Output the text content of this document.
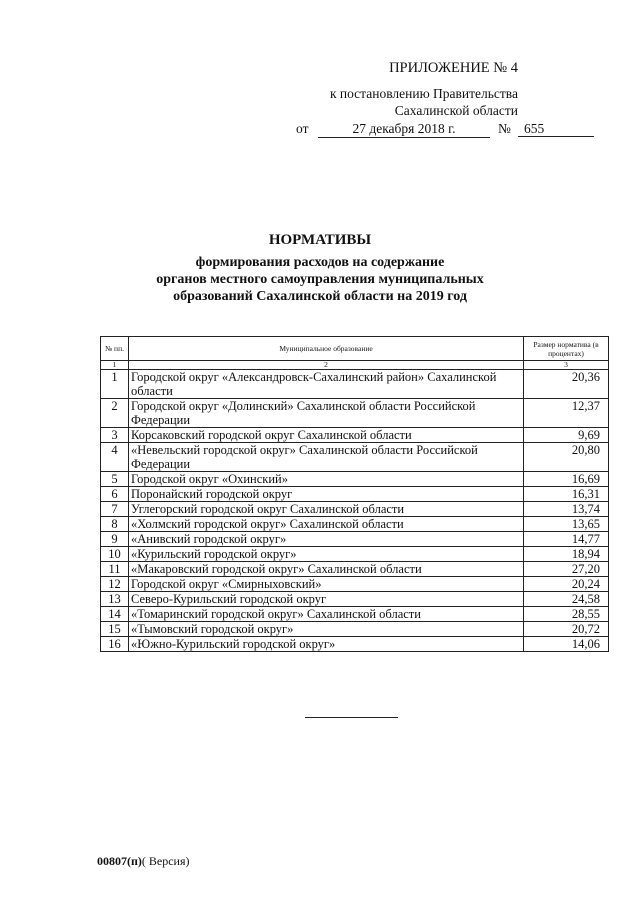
ПРИЛОЖЕНИЕ № 4
к постановлению Правительства
Сахалинской области
от	27 декабря 2018 г.	№ 655
НОРМАТИВЫ
формирования расходов на содержание
органов местного самоуправления муниципальных
образований Сахалинской области на 2019 год
№ пп.	Муниципальное образование	Размер норматива (в процентах)
1	2	3
1	Городской округ «Александровск-Сахалинский район» Сахалинской области	20,36
2	Городской округ «Долинский» Сахалинской области Российской Федерации	12,37
3	Корсаковский городской округ Сахалинской области	9,69
4	«Невельский городской округ» Сахалинской области Российской Федерации	20,80
5	Городской округ «Охинский»	16,69
6	Поронайский городской округ	16,31
7	Углегорский городской округ Сахалинской области	13,74
8	«Холмский городской округ» Сахалинской области	13,65
9	«Анивский городской округ»	14,77
10	«Курильский городской округ»	18,94
11	«Макаровский городской округ» Сахалинской области	27,20
12	Городской округ «Смирныховский»	20,24
13	Северо-Курильский городской округ	24,58
14	«Томаринский городской округ» Сахалинской области	28,55
15	«Тымовский городской округ»	20,72
16	«Южно-Курильский городской округ»	14,06
00807(п)( Версия)
